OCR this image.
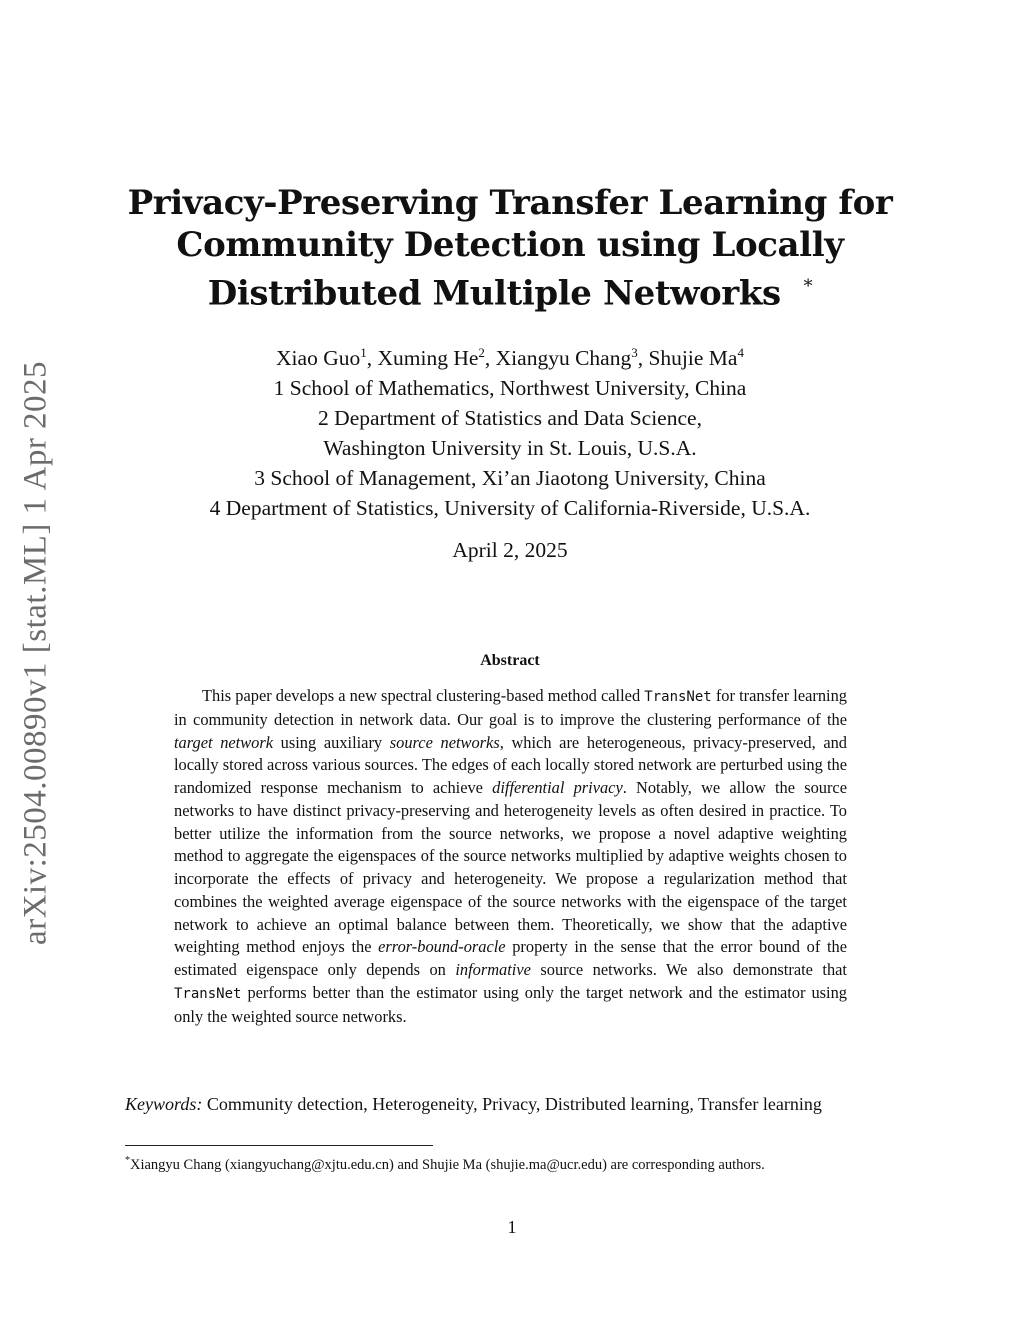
arXiv:2504.00890v1 [stat.ML] 1 Apr 2025
Privacy-Preserving Transfer Learning for
Community Detection using Locally
Distributed Multiple Networks *
Xiao Guo$^1$, Xuming He$^2$, Xiangyu Chang$^3$, Shujie Ma$^4$
1 School of Mathematics, Northwest University, China
2 Department of Statistics and Data Science,
Washington University in St. Louis, U.S.A.
3 School of Management, Xi’an Jiaotong University, China
4 Department of Statistics, University of California-Riverside, U.S.A.
April 2, 2025
Abstract
This paper develops a new spectral clustering-based method called TransNet for transfer learning in community detection in network data. Our goal is to improve the clustering performance of the target network using auxiliary source networks, which are heterogeneous, privacy-preserved, and locally stored across various sources. The edges of each locally stored network are perturbed using the randomized response mechanism to achieve differential privacy. Notably, we allow the source networks to have distinct privacy-preserving and heterogeneity levels as often desired in practice. To better utilize the information from the source networks, we propose a novel adaptive weighting method to aggregate the eigenspaces of the source networks multiplied by adaptive weights chosen to incorporate the effects of privacy and heterogeneity. We propose a regularization method that combines the weighted average eigenspace of the source networks with the eigenspace of the target network to achieve an optimal balance between them. Theoretically, we show that the adaptive weighting method enjoys the error-bound-oracle property in the sense that the error bound of the estimated eigenspace only depends on informative source networks. We also demonstrate that TransNet performs better than the estimator using only the target network and the estimator using only the weighted source networks.
Keywords: Community detection, Heterogeneity, Privacy, Distributed learning, Transfer learning
*Xiangyu Chang (xiangyuchang@xjtu.edu.cn) and Shujie Ma (shujie.ma@ucr.edu) are corresponding authors.
1
